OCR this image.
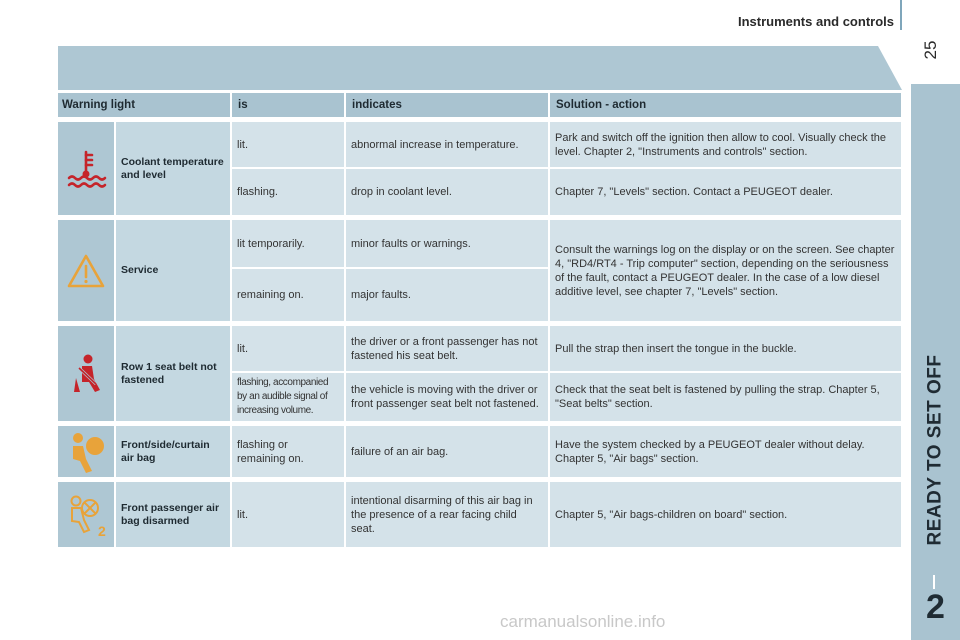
Instruments and controls
25
READY TO SET OFF
2
Warning light		is	indicates	Solution - action

	Coolant temperature and level	lit.	abnormal increase in temperature.	Park and switch off the ignition then allow to cool. Visually check the level. Chapter 2, "Instruments and controls" section.
		flashing.	drop in coolant level.	Chapter 7, "Levels" section. Contact a PEUGEOT dealer.

	Service	lit temporarily.	minor faults or warnings.	Consult the warnings log on the display or on the screen. See chapter 4, "RD4/RT4 - Trip computer" section, depending on the seriousness of the fault, contact a PEUGEOT dealer. In the case of a low diesel additive level, see chapter 7, "Levels" section.
		remaining on.	major faults.	

	Row 1 seat belt not fastened	lit.	the driver or a front passenger has not fastened his seat belt.	Pull the strap then insert the tongue in the buckle.
		flashing, accompanied by an audible signal of increasing volume.	the vehicle is moving with the driver or front passenger seat belt not fastened.	Check that the seat belt is fastened by pulling the strap. Chapter 5, "Seat belts" section.

	Front/side/curtain air bag	flashing or remaining on.	failure of an air bag.	Have the system checked by a PEUGEOT dealer without delay. Chapter 5, "Air bags" section.

2	Front passenger air bag disarmed	lit.	intentional disarming of this air bag in the presence of a rear facing child seat.	Chapter 5, "Air bags-children on board" section.
carmanualsonline.info
